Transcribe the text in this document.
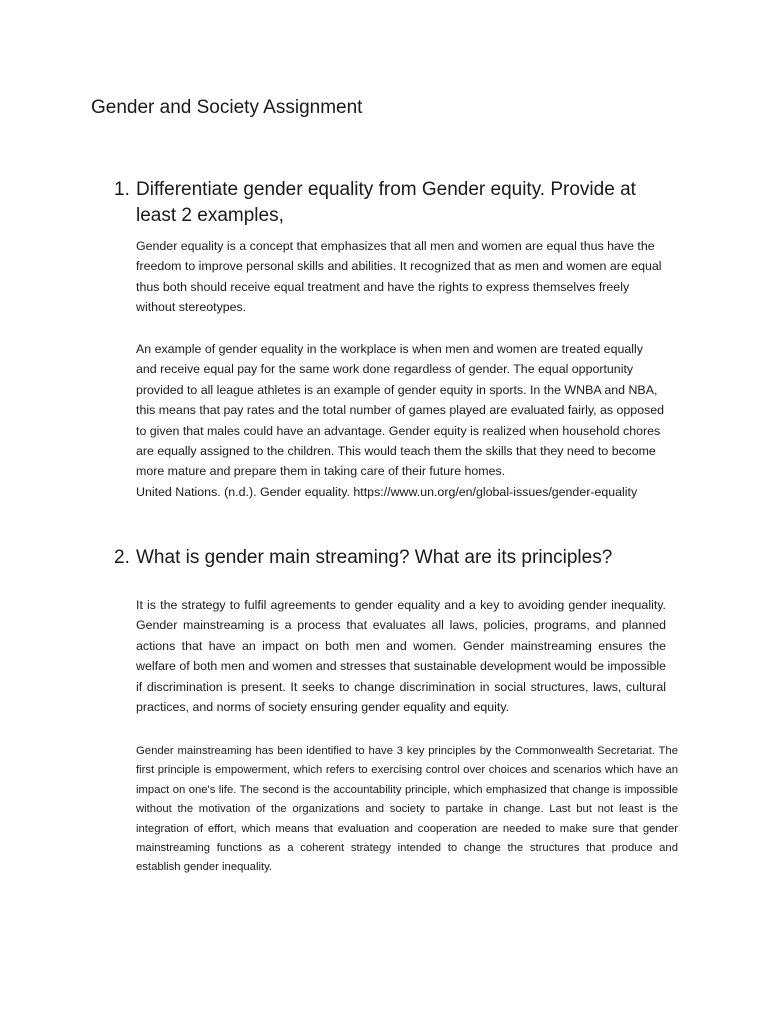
Gender and Society Assignment
1. Differentiate gender equality from Gender equity. Provide at least 2 examples,

Gender equality is a concept that emphasizes that all men and women are equal thus have the freedom to improve personal skills and abilities. It recognized that as men and women are equal thus both should receive equal treatment and have the rights to express themselves freely without stereotypes.

An example of gender equality in the workplace is when men and women are treated equally and receive equal pay for the same work done regardless of gender. The equal opportunity provided to all league athletes is an example of gender equity in sports. In the WNBA and NBA, this means that pay rates and the total number of games played are evaluated fairly, as opposed to given that males could have an advantage. Gender equity is realized when household chores are equally assigned to the children. This would teach them the skills that they need to become more mature and prepare them in taking care of their future homes.

United Nations. (n.d.). Gender equality. https://www.un.org/en/global-issues/gender-equality

2. What is gender main streaming? What are its principles?

It is the strategy to fulfil agreements to gender equality and a key to avoiding gender inequality. Gender mainstreaming is a process that evaluates all laws, policies, programs, and planned actions that have an impact on both men and women. Gender mainstreaming ensures the welfare of both men and women and stresses that sustainable development would be impossible if discrimination is present. It seeks to change discrimination in social structures, laws, cultural practices, and norms of society ensuring gender equality and equity.

Gender mainstreaming has been identified to have 3 key principles by the Commonwealth Secretariat. The first principle is empowerment, which refers to exercising control over choices and scenarios which have an impact on one's life. The second is the accountability principle, which emphasized that change is impossible without the motivation of the organizations and society to partake in change. Last but not least is the integration of effort, which means that evaluation and cooperation are needed to make sure that gender mainstreaming functions as a coherent strategy intended to change the structures that produce and establish gender inequality.
